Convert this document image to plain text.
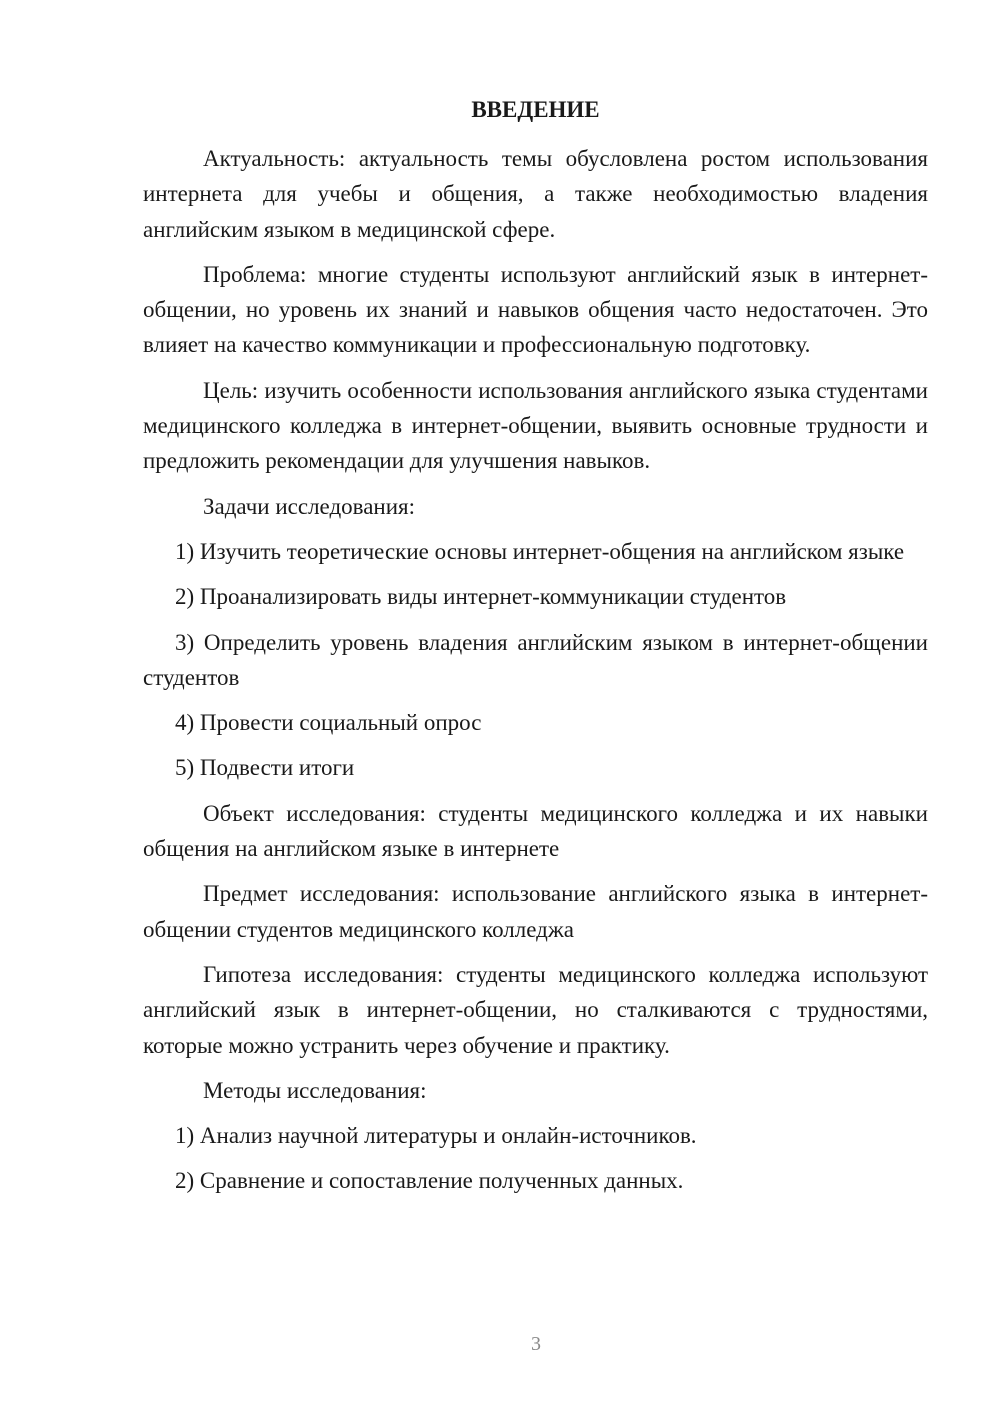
ВВЕДЕНИЕ

Актуальность: актуальность темы обусловлена ростом использования интернета для учебы и общения, а также необходимостью владения английским языком в медицинской сфере.

Проблема: многие студенты используют английский язык в интернет-общении, но уровень их знаний и навыков общения часто недостаточен. Это влияет на качество коммуникации и профессиональную подготовку.

Цель: изучить особенности использования английского языка студентами медицинского колледжа в интернет-общении, выявить основные трудности и предложить рекомендации для улучшения навыков.

Задачи исследования:

1) Изучить теоретические основы интернет-общения на английском языке

2) Проанализировать виды интернет-коммуникации студентов

3) Определить уровень владения английским языком в интернет-общении студентов

4) Провести социальный опрос

5) Подвести итоги

Объект исследования: студенты медицинского колледжа и их навыки общения на английском языке в интернете

Предмет исследования: использование английского языка в интернет-общении студентов медицинского колледжа

Гипотеза исследования: студенты медицинского колледжа используют английский язык в интернет-общении, но сталкиваются с трудностями, которые можно устранить через обучение и практику.

Методы исследования:

1) Анализ научной литературы и онлайн-источников.

2) Сравнение и сопоставление полученных данных.

3
